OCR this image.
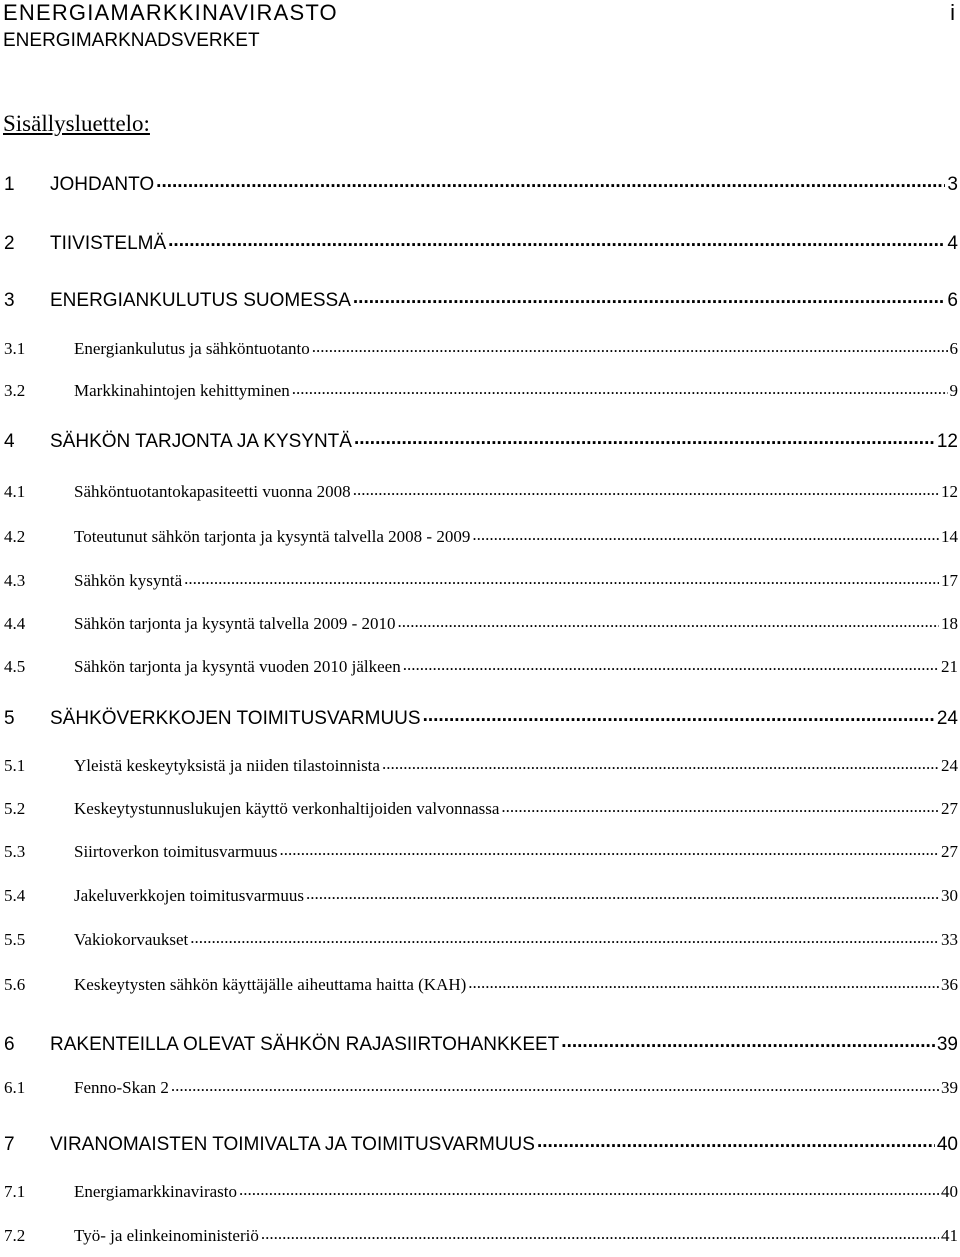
ENERGIAMARKKINAVIRASTO	i
ENERGIMARKNADSVERKET
Sisällysluettelo:
1	JOHDANTO .....	3
2	TIIVISTELMÄ .....	4
3	ENERGIANKULUTUS SUOMESSA .....	6
3.1	Energiankulutus ja sähköntuotanto .....	6
3.2	Markkinahintojen kehittyminen .....	9
4	SÄHKÖN TARJONTA JA KYSYNTÄ .....	12
4.1	Sähköntuotantokapasiteetti vuonna 2008 .....	12
4.2	Toteutunut sähkön tarjonta ja kysyntä talvella 2008 - 2009 .....	14
4.3	Sähkön kysyntä .....	17
4.4	Sähkön tarjonta ja kysyntä talvella 2009 - 2010 .....	18
4.5	Sähkön tarjonta ja kysyntä vuoden 2010 jälkeen .....	21
5	SÄHKÖVERKKOJEN TOIMITUSVARMUUS .....	24
5.1	Yleistä keskeytyksistä ja niiden tilastoinnista .....	24
5.2	Keskeytystunnuslukujen käyttö verkonhaltijoiden valvonnassa .....	27
5.3	Siirtoverkon toimitusvarmuus .....	27
5.4	Jakeluverkkojen toimitusvarmuus .....	30
5.5	Vakiokorvaukset .....	33
5.6	Keskeytysten sähkön käyttäjälle aiheuttama haitta (KAH) .....	36
6	RAKENTEILLA OLEVAT SÄHKÖN RAJASIIRTOHANKKEET .....	39
6.1	Fenno-Skan 2 .....	39
7	VIRANOMAISTEN TOIMIVALTA JA TOIMITUSVARMUUS .....	40
7.1	Energiamarkkinavirasto .....	40
7.2	Työ- ja elinkeinoministeriö .....	41
